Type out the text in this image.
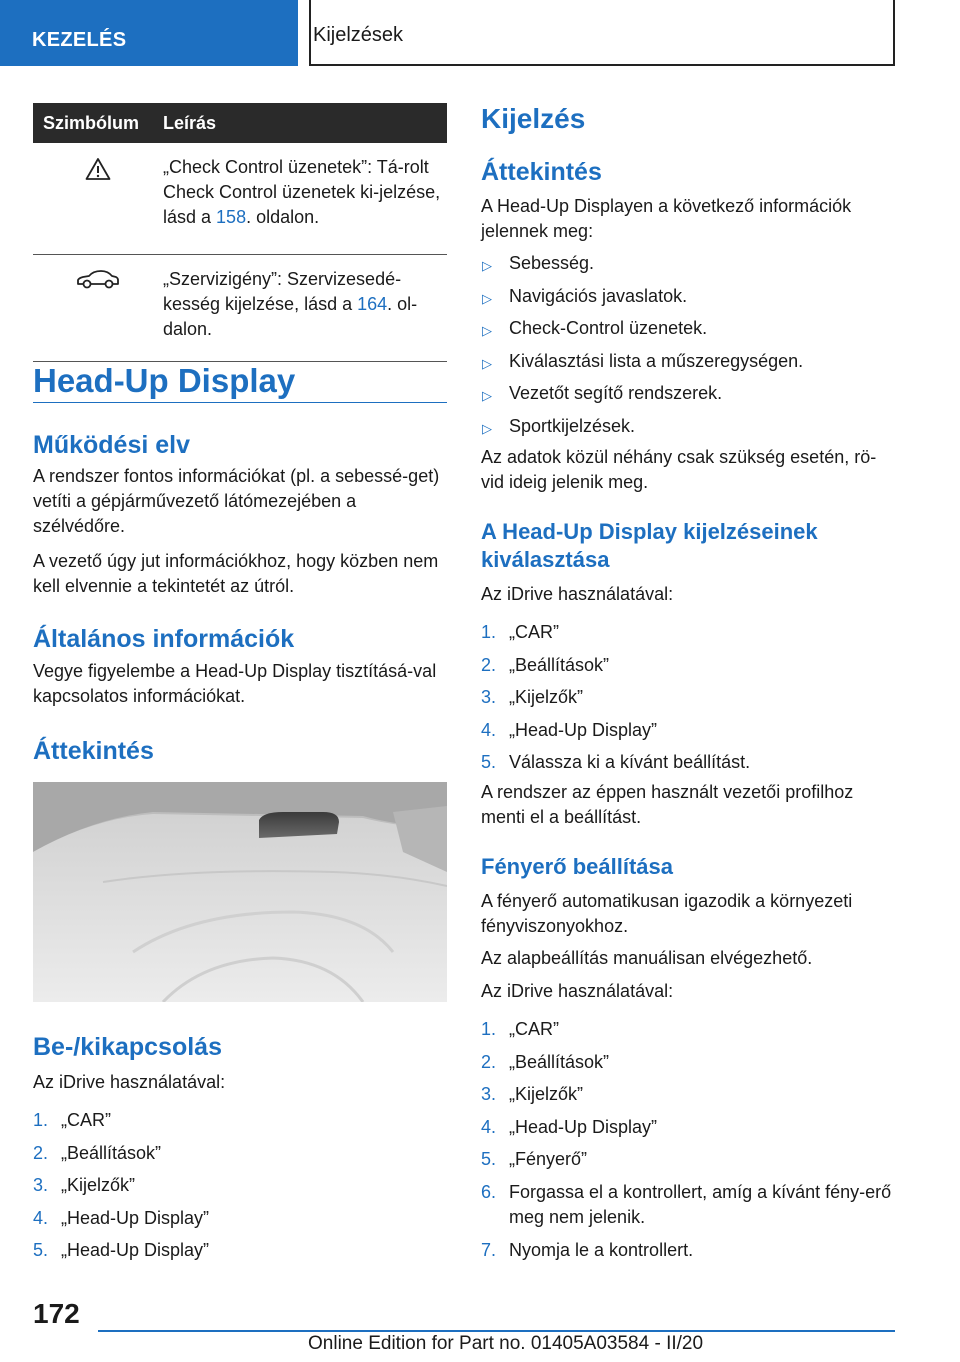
KEZELÉS	Kijelzések
Szimbólum	Leírás
„Check Control üzenetek”: Tá-rolt Check Control üzenetek ki-jelzése, lásd a 158. oldalon.
„Szervizigény”: Szervizesedé-kesség kijelzése, lásd a 164. ol-dalon.
Head-Up Display
Működési elv
A rendszer fontos információkat (pl. a sebessé-get) vetíti a gépjárművezető látómezejében a szélvédőre.
A vezető úgy jut információkhoz, hogy közben nem kell elvennie a tekintetét az útról.
Általános információk
Vegye figyelembe a Head-Up Display tisztításá-val kapcsolatos információkat.
Áttekintés
Be-/kikapcsolás
Az iDrive használatával:
1. „CAR”
2. „Beállítások”
3. „Kijelzők”
4. „Head-Up Display”
5. „Head-Up Display”
Kijelzés
Áttekintés
A Head-Up Displayen a következő információk jelennek meg:
▷ Sebesség.
▷ Navigációs javaslatok.
▷ Check-Control üzenetek.
▷ Kiválasztási lista a műszeregységen.
▷ Vezetőt segítő rendszerek.
▷ Sportkijelzések.
Az adatok közül néhány csak szükség esetén, rö-vid ideig jelenik meg.
A Head-Up Display kijelzéseinek kiválasztása
Az iDrive használatával:
1. „CAR”
2. „Beállítások”
3. „Kijelzők”
4. „Head-Up Display”
5. Válassza ki a kívánt beállítást.
A rendszer az éppen használt vezetői profilhoz menti el a beállítást.
Fényerő beállítása
A fényerő automatikusan igazodik a környezeti fényviszonyokhoz.
Az alapbeállítás manuálisan elvégezhető.
Az iDrive használatával:
1. „CAR”
2. „Beállítások”
3. „Kijelzők”
4. „Head-Up Display”
5. „Fényerő”
6. Forgassa el a kontrollert, amíg a kívánt fény-erő meg nem jelenik.
7. Nyomja le a kontrollert.
172
Online Edition for Part no. 01405A03584 - II/20
